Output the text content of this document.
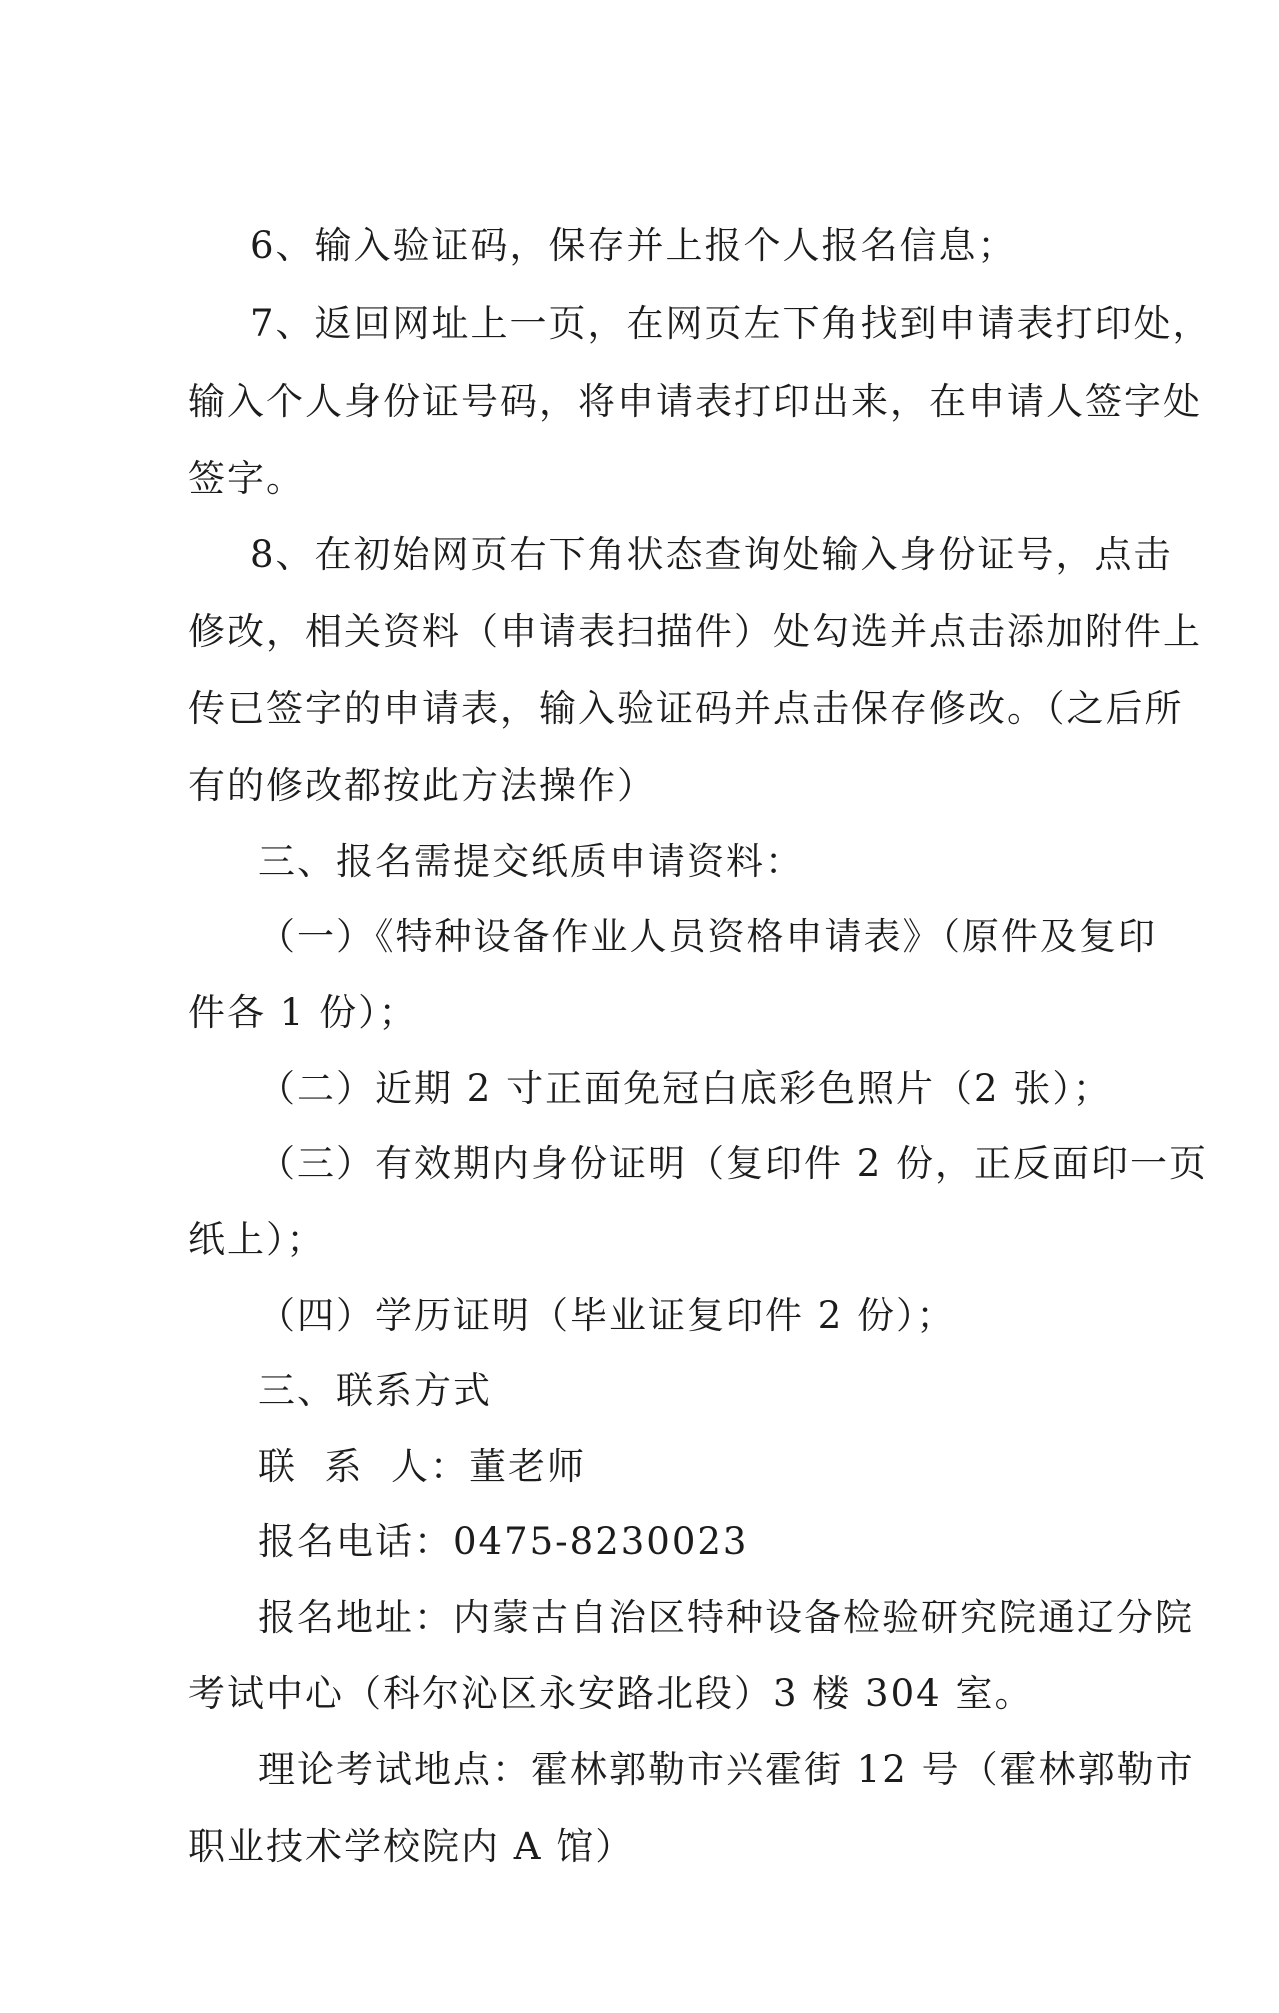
6、输入验证码，保存并上报个人报名信息；
7、返回网址上一页，在网页左下角找到申请表打印处，
输入个人身份证号码，将申请表打印出来，在申请人签字处
签字。
8、在初始网页右下角状态查询处输入身份证号，点击
修改，相关资料（申请表扫描件）处勾选并点击添加附件上
传已签字的申请表，输入验证码并点击保存修改。（之后所
有的修改都按此方法操作）
三、报名需提交纸质申请资料：
（一）《特种设备作业人员资格申请表》（原件及复印
件各 1 份）；
（二）近期 2 寸正面免冠白底彩色照片（2 张）；
（三）有效期内身份证明（复印件 2 份，正反面印一页
纸上）；
（四）学历证明（毕业证复印件 2 份）；
三、联系方式
联  系  人：董老师
报名电话：0475-8230023
报名地址：内蒙古自治区特种设备检验研究院通辽分院
考试中心（科尔沁区永安路北段）3 楼 304 室。
理论考试地点：霍林郭勒市兴霍街 12 号（霍林郭勒市
职业技术学校院内 A 馆）
